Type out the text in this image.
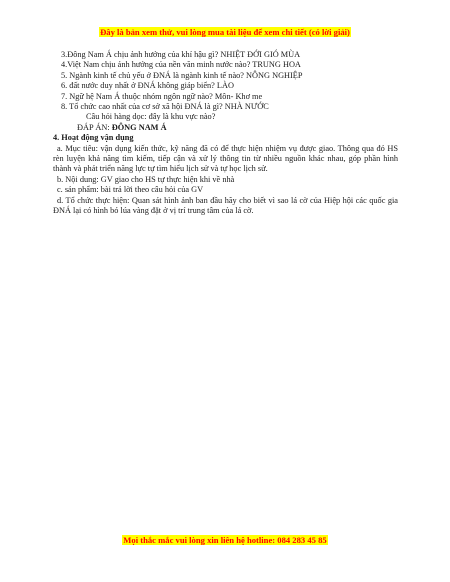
Đây là bản xem thử, vui lòng mua tài liệu để xem chi tiết (có lời giải)
3.Đông Nam Á chịu ảnh hưởng của khí hậu gì? NHIỆT ĐỚI GIÓ MÙA
4.Việt Nam chịu ảnh hưởng của nền văn minh nước nào? TRUNG HOA
5. Ngành kinh tế chủ yếu ở ĐNÁ là ngành kinh tế nào? NÔNG NGHIỆP
6. đất nước duy nhất ở ĐNÁ không giáp biển? LÀO
7. Ngữ hệ Nam Á thuộc nhóm ngôn ngữ nào? Môn- Khơ me
8. Tổ chức cao nhất của cơ sở xã hội ĐNÁ là gì? NHÀ NƯỚC
Câu hỏi hàng dọc: đây là khu vực nào?
ĐÁP ÁN: ĐÔNG NAM Á
4. Hoạt động vận dụng
a. Mục tiêu: vận dụng kiến thức, kỹ năng đã có để thực hiện nhiệm vụ được giao. Thông qua đó HS rèn luyện khả năng tìm kiếm, tiếp cận và xử lý thông tin từ nhiều nguồn khác nhau, góp phần hình thành và phát triển năng lực tự tìm hiểu lịch sử và tự học lịch sử.
b. Nội dung: GV giao cho HS tự thực hiện khi về nhà
c. sản phẩm: bài trả lời theo câu hỏi của GV
d. Tổ chức thực hiện: Quan sát hình ảnh ban đầu hãy cho biết vì sao lá cờ của Hiệp hội các quốc gia ĐNÁ lại có hình bó lúa vàng đặt ở vị trí trung tâm của lá cờ.
Mọi thắc mắc vui lòng xin liên hệ hotline: 084 283 45 85
